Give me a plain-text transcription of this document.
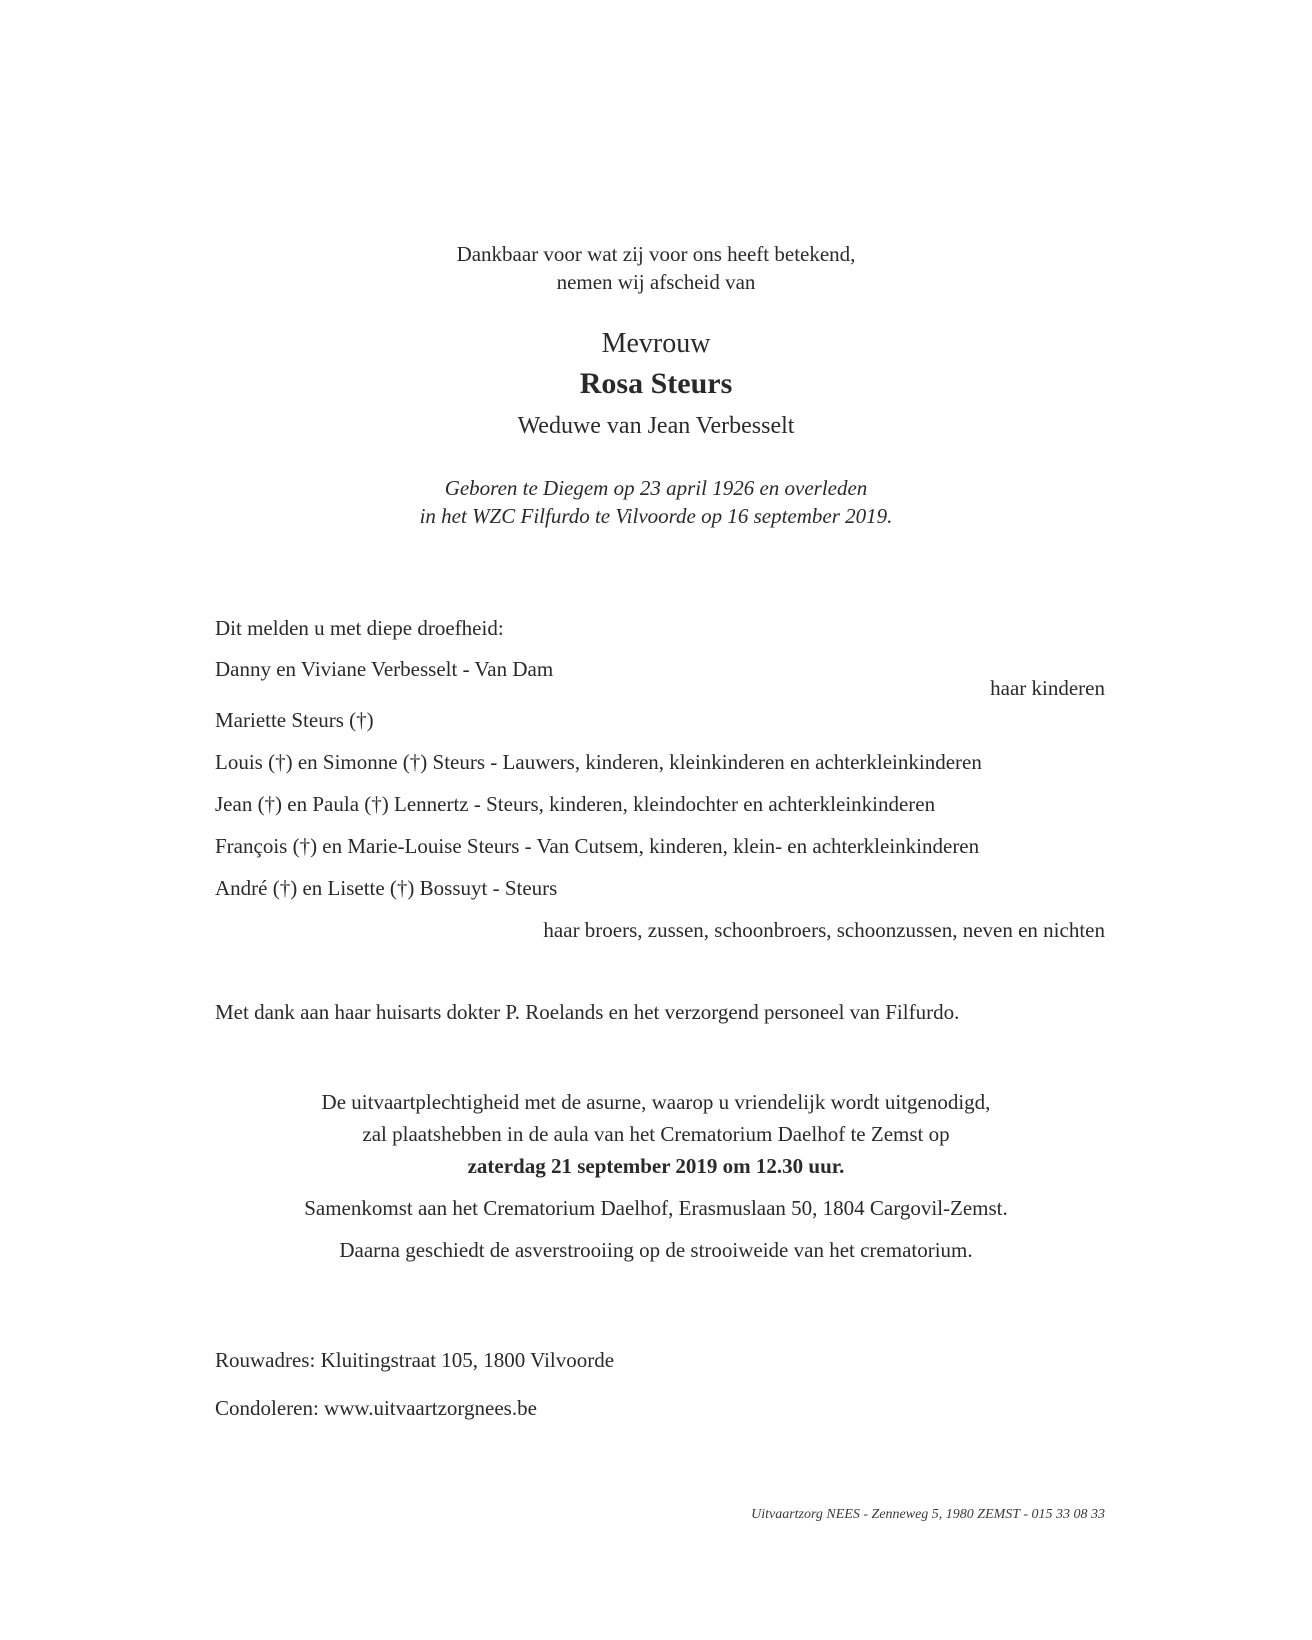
Dankbaar voor wat zij voor ons heeft betekend,
nemen wij afscheid van
Mevrouw
Rosa Steurs
Weduwe van Jean Verbesselt
Geboren te Diegem op 23 april 1926 en overleden
in het WZC Filfurdo te Vilvoorde op 16 september 2019.
Dit melden u met diepe droefheid:
Danny en Viviane Verbesselt - Van Dam
haar kinderen
Mariette Steurs (†)
Louis (†) en Simonne (†) Steurs - Lauwers, kinderen, kleinkinderen en achterkleinkinderen
Jean (†) en Paula (†) Lennertz - Steurs, kinderen, kleindochter en achterkleinkinderen
François (†) en Marie-Louise Steurs - Van Cutsem, kinderen, klein- en achterkleinkinderen
André (†) en Lisette (†) Bossuyt - Steurs
haar broers, zussen, schoonbroers, schoonzussen, neven en nichten
Met dank aan haar huisarts dokter P. Roelands en het verzorgend personeel van Filfurdo.
De uitvaartplechtigheid met de asurne, waarop u vriendelijk wordt uitgenodigd,
zal plaatshebben in de aula van het Crematorium Daelhof te Zemst op
zaterdag 21 september 2019 om 12.30 uur.
Samenkomst aan het Crematorium Daelhof, Erasmuslaan 50, 1804 Cargovil-Zemst.
Daarna geschiedt de asverstrooiing op de strooiweide van het crematorium.
Rouwadres: Kluitingstraat 105, 1800 Vilvoorde
Condoleren: www.uitvaartzorgnees.be
Uitvaartzorg NEES - Zenneweg 5, 1980 ZEMST - 015 33 08 33
